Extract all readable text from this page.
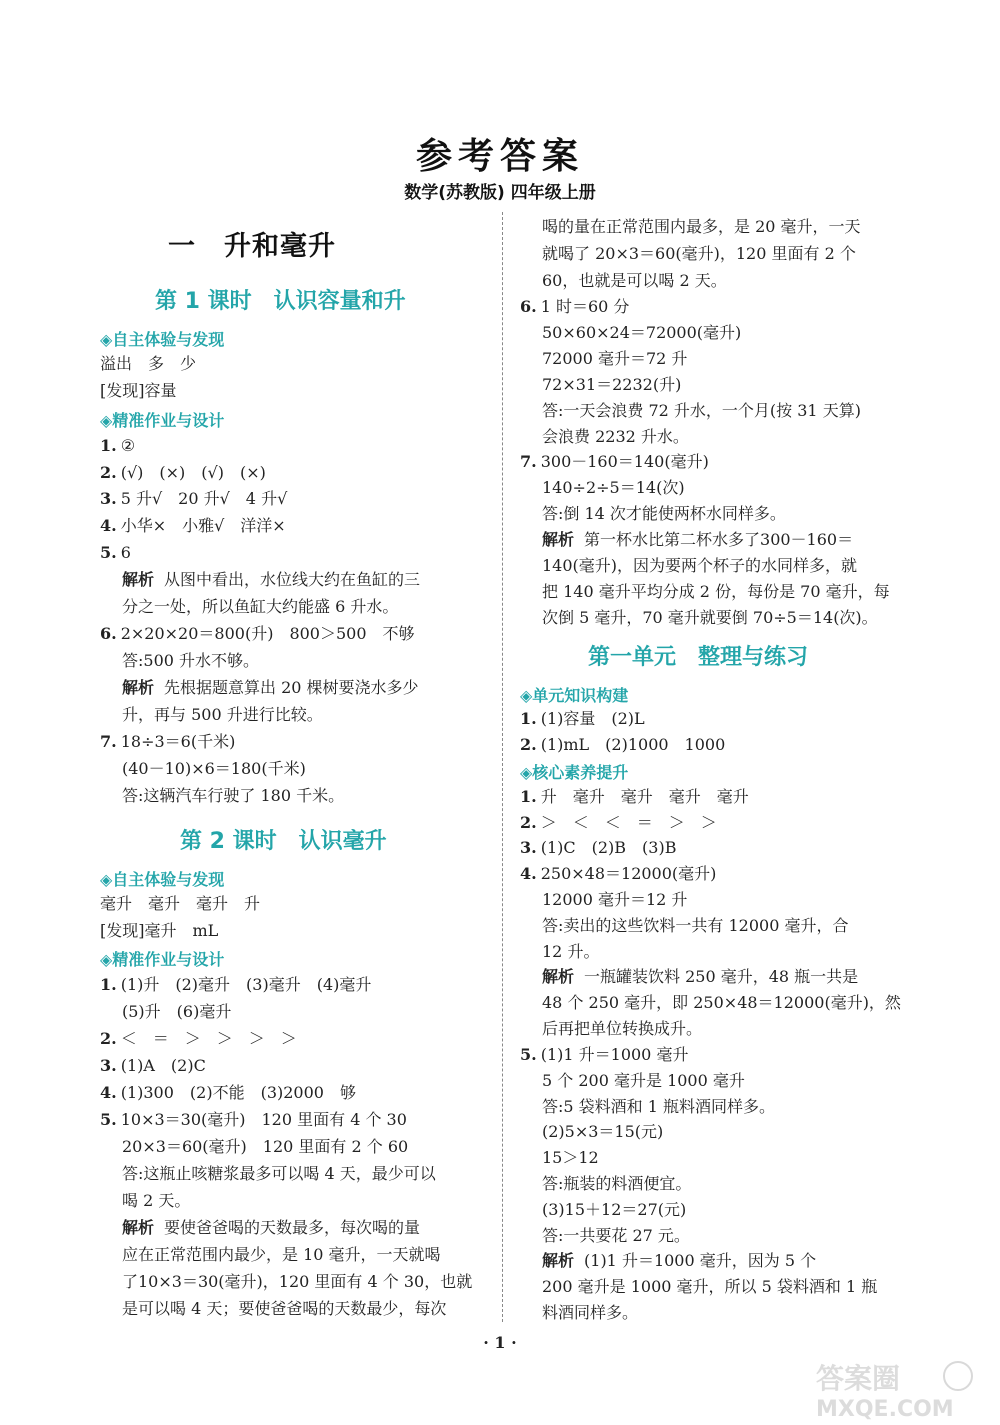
参考答案
数学(苏教版) 四年级上册
一　升和毫升
第 1 课时　认识容量和升
◈自主体验与发现
溢出　多　少
[发现]容量
◈精准作业与设计
1. ②
2. (√)　(×)　(√)　(×)
3. 5 升√　20 升√　4 升√
4. 小华×　小雅√　洋洋×
5. 6
解析 从图中看出，水位线大约在鱼缸的三
分之一处，所以鱼缸大约能盛 6 升水。
6. 2×20×20＝800(升)　800＞500　不够
答:500 升水不够。
解析 先根据题意算出 20 棵树要浇水多少
升，再与 500 升进行比较。
7. 18÷3＝6(千米)
(40－10)×6＝180(千米)
答:这辆汽车行驶了 180 千米。
第 2 课时　认识毫升
◈自主体验与发现
毫升　毫升　毫升　升
[发现]毫升　mL
◈精准作业与设计
1. (1)升　(2)毫升　(3)毫升　(4)毫升
(5)升　(6)毫升
2. ＜　＝　＞　＞　＞　＞
3. (1)A　(2)C
4. (1)300　(2)不能　(3)2000　够
5. 10×3＝30(毫升)　120 里面有 4 个 30
20×3＝60(毫升)　120 里面有 2 个 60
答:这瓶止咳糖浆最多可以喝 4 天，最少可以
喝 2 天。
解析 要使爸爸喝的天数最多，每次喝的量
应在正常范围内最少，是 10 毫升，一天就喝
了10×3＝30(毫升)，120 里面有 4 个 30，也就
是可以喝 4 天；要使爸爸喝的天数最少，每次
喝的量在正常范围内最多，是 20 毫升，一天
就喝了 20×3＝60(毫升)，120 里面有 2 个
60，也就是可以喝 2 天。
6. 1 时＝60 分
50×60×24＝72000(毫升)
72000 毫升＝72 升
72×31＝2232(升)
答:一天会浪费 72 升水，一个月(按 31 天算)
会浪费 2232 升水。
7. 300－160＝140(毫升)
140÷2÷5＝14(次)
答:倒 14 次才能使两杯水同样多。
解析 第一杯水比第二杯水多了300－160＝
140(毫升)，因为要两个杯子的水同样多，就
把 140 毫升平均分成 2 份，每份是 70 毫升，每
次倒 5 毫升，70 毫升就要倒 70÷5＝14(次)。
第一单元　整理与练习
◈单元知识构建
1. (1)容量　(2)L
2. (1)mL　(2)1000　1000
◈核心素养提升
1. 升　毫升　毫升　毫升　毫升
2. ＞　＜　＜　＝　＞　＞
3. (1)C　(2)B　(3)B
4. 250×48＝12000(毫升)
12000 毫升＝12 升
答:卖出的这些饮料一共有 12000 毫升，合
12 升。
解析 一瓶罐装饮料 250 毫升，48 瓶一共是
48 个 250 毫升，即 250×48＝12000(毫升)，然
后再把单位转换成升。
5. (1)1 升＝1000 毫升
5 个 200 毫升是 1000 毫升
答:5 袋料酒和 1 瓶料酒同样多。
(2)5×3＝15(元)
15＞12
答:瓶装的料酒便宜。
(3)15＋12＝27(元)
答:一共要花 27 元。
解析 (1)1 升＝1000 毫升，因为 5 个
200 毫升是 1000 毫升，所以 5 袋料酒和 1 瓶
料酒同样多。
· 1 ·
答案圈
MXQE.COM
